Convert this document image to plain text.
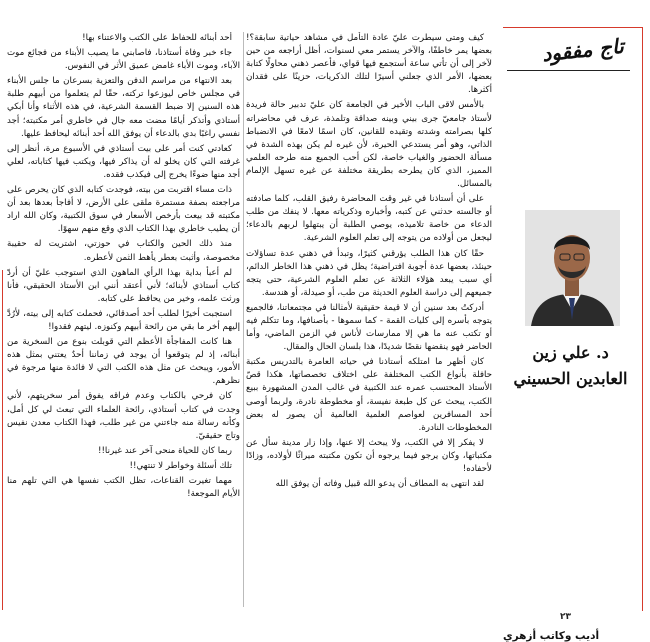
تاج مفقود
د. علي زين
العابدين الحسيني
أديب وكاتب أزهري

كيف ومتى سيطرت عليّ عادة التأمل في مشاهد حياتية سابقة؟! بعضها يمر خاطفًا، والآخر يستمر معي لسنوات، أظل أراجعه من حين لآخر إلى أن تأتي ساعة أستجمع فيها قواي، فأعصر ذهني محاولًا كتابة بعضها، الأمر الذي جعلني أسيرًا لتلك الذكريات، حزينًا على فقدان أكثرها.

بالأمس لاقى الباب الأخير في الجامعة كان عليّ تدبير حالة فريدة لأستاذ جامعيّ جرى بيني وبينه صداقة وتلمذة، عرف في محاضراته كلها بصرامته وشدته وتقيده للقانين، كان اسمًا لامعًا في الانضباط الذاتي، وهو أمر يستدعي الحيرة، لأن غيره لم يكن بهذه الشدة في مسألة الحضور والغياب خاصة، لكن أحب الجميع منه طرحه العلمي المميز، الذي كان يطرحه بطريقة مختلفة عن غيره تسهل الإلمام بالمسائل.

على أن أستاذنا في غير وقت المحاضرة رفيق القلب، كلما صادفته أو جالسته حدثني عن كتبه، وأخباره وذكرياته معها. لا ينفك من طلب الدعاء من خاصة تلاميذه، يوصي الطلبة أن يبتهلوا لربهم بالدعاء؛ ليجعل من أولاده من يتوجه إلى تعلم العلوم الشرعية.

حقًا كان هذا الطلب يؤرقني كثيرًا، وتبدأ في ذهني عدة تساؤلات حينئذ، بعضها عدة أجوبة افتراضية؛ يظل في ذهني هذا الخاطر الدائم، أي سبب يبعد هؤلاء الثلاثة عن تعلم العلوم الشرعية، حتى يتجه جميعهم إلى دراسة العلوم الحديثة من طب، أو صيدلة، أو هندسة.

أدركتُ بعد سنين أن لا قيمة حقيقية لأمثالنا في مجتمعاتنا، فالجميع يتوجه بأسره إلى كليات القمة - كما سموها - بأصنافها، وما تتكلم فيه أو تكتب عنه ما هي إلا ممارسات لأناس في الزمن الماضي، وأما الحاضر فهو ينقضها نقضًا شديدًا، هذا بلسان الحال والمقال.

كان أظهر ما امتلكه أستاذنا في حياته العامرة بالتدريس مكتبة حافلة بأنواع الكتب المختلفة على اختلاف تخصصاتها، هكذا قصّ الأستاذ المحتسب عمره عند الكتبية في غالب المدن المشهورة ببيع الكتب، يبحث عن كل طبعة نفيسة، أو مخطوطة نادرة، ولربما أوصى أحد المسافرين لعواصم العلمية العالمية أن يصور له بعض المخطوطات النادرة.

لا يفكر إلا في الكتب، ولا يبحث إلا عنها، وإذا زار مدينة سأل عن مكتباتها، وكان يرجو فيما يرجوه أن تكون مكتبته ميراثًا لأولاده، وزادًا لأحفاده!

لقد انتهى به المطاف أن يدعو الله قبيل وفاته أن يوفق الله

أحد أبنائه للحفاظ على الكتب والاعتناء بها!

جاء خبر وفاة أستاذنا، فاصابني ما يصيب الأبناء من فجائع موت الآباء، وموت الأباء غامض عميق الأثر في النفوس.

بعد الانتهاء من مراسم الدفن والتعزية بسرعان ما جلس الأبناء في مجلس خاص ليوزعوا تركته، حقًا لم يتعلموا من أبيهم طلبة هذه السنين إلا ضبط القسمة الشرعية، في هذه الأثناء وأنا أبكي أستاذي وأتذكر أيامًا مضت معه جال في خاطري أمر مكتبته؛ أجد نفسي راغبًا بدي بالدعاء أن يوفق الله أحد أبنائه ليحافظ عليها.

كعادتي كنت أمر على بيت أستاذي في الأسبوع مرة، أنظر إلى غرفته التي كان يخلو له أن يذاكر فيها، ويكتب فيها كتاباته، لعلي أجد منها ضوءًا يخرج إلى فيكذب فقده.

ذات مساء اقتربت من بيته، فوجدت كتابه الذي كان يحرص على مراجعته بصفة مستمرة ملقى على الأرض، لا أفاجأ بعدها بعد أن مكتبته قد بيعت بأرخص الأسعار في سوق الكتبية، وكان الله اراد أن يطيب خاطري بهذا الكتاب الذي وقع منهم سهوًا.

منذ ذلك الحين والكتاب في حوزتي، اشتريت له حقيبة مخصوصة، وأثبت بعطر يأهط الثمن لأعطره.

لم أعبأ بداية بهذا الرأي الماهون الذي استوجب عليّ أن أردّ كتاب أستاذي لأبنائه؛ لأني أعتقد أنني ابن الأستاذ الحقيقي، فأنا ورثت علمه، وخير من يحافظ على كتابه.

استجبت أخيرًا لطلب أحد أصدقائي، فحملت كتابه إلى بيته، لأرُدَّ إليهم أخر ما بقي من رائحة أبيهم وكنوزه. ليتهم فقدوا!

هنا كانت المفاجأة الأعظم التي قوبلت بنوع من السخرية من أبنائه، إذ لم يتوقعوا أن يوجد في زماننا أحدٌ يعتني بمثل هذه الأمور، ويبحث عن مثل هذه الكتب التي لا فائدة منها مرجوة في نظرهم.

كان فرحي بالكتاب وعدم فراقه يفوق أمر سخريتهم، لأني وجدت في كتاب أستاذي، رائحة العلماء التي تبعث لي كل أمل، وكأنه رسالة منه جاءتني من غير طلب، فهذا الكتاب معدن نفيس وتاج حقيقيّ.

ربما كان للحياة منحى آخر عند غيرنا!!

تلك أسئلة وخواطر لا تنتهي!!

مهما تغيرت القناعات، تظل الكتب نفسها هي التي تلهم منا الأيام الموجعة!

٢٣
